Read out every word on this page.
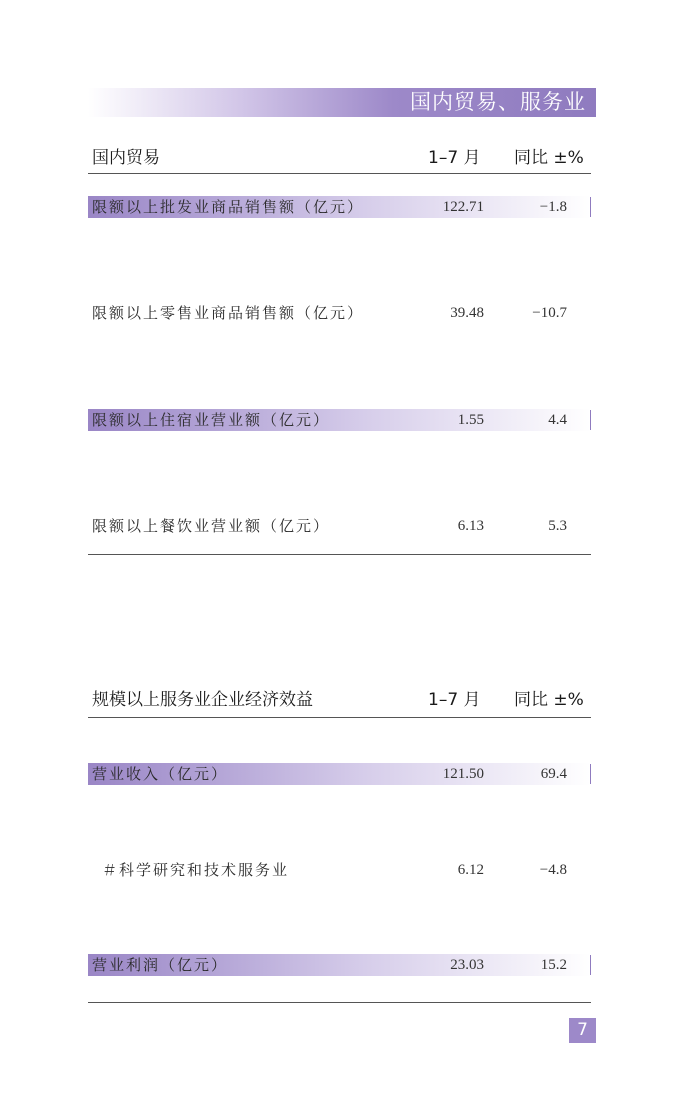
国内贸易、服务业
国内贸易	1–7 月 同比 ±%
限额以上批发业商品销售额（亿元）	122.71	−1.8
限额以上零售业商品销售额（亿元）	39.48	−10.7
限额以上住宿业营业额（亿元）	1.55	4.4
限额以上餐饮业营业额（亿元）	6.13	5.3
规模以上服务业企业经济效益	1–7 月 同比 ±%
营业收入（亿元）	121.50	69.4
＃科学研究和技术服务业	6.12	−4.8
营业利润（亿元）	23.03	15.2
7
